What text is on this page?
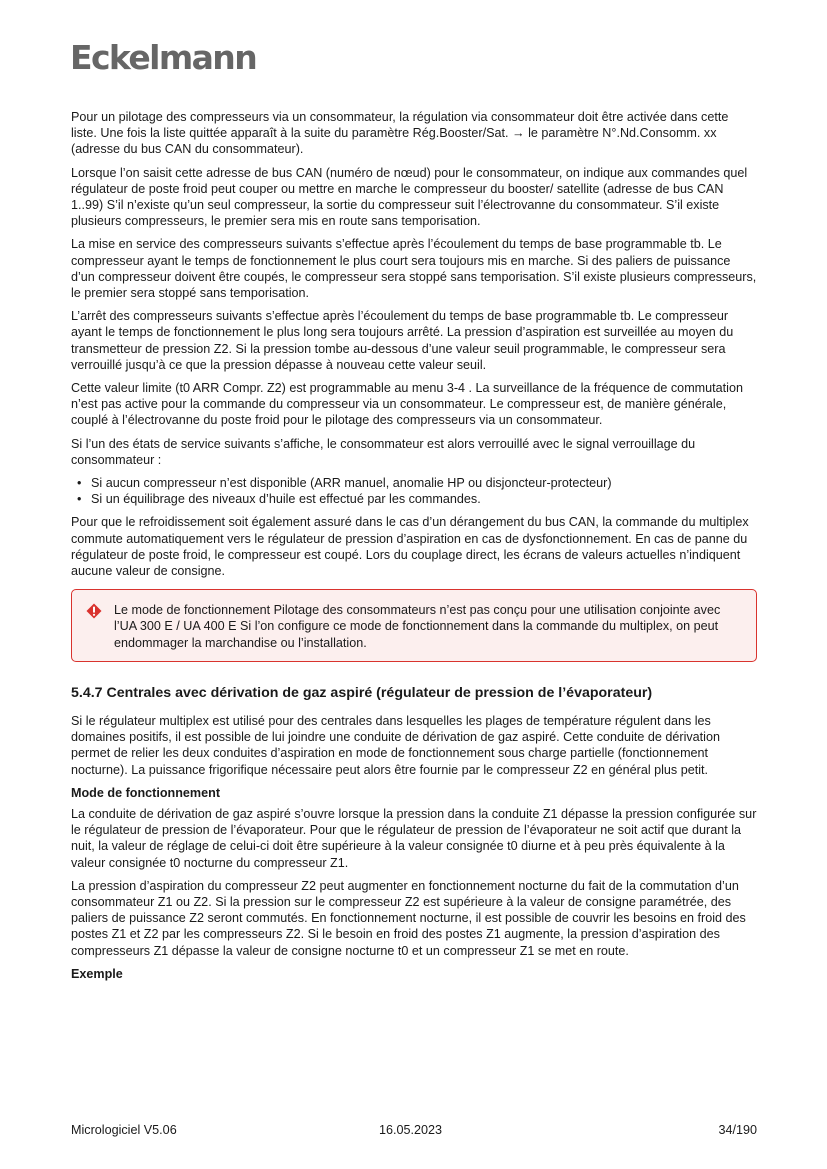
Eckelmann

Pour un pilotage des compresseurs via un consommateur, la régulation via consommateur doit être activée dans cette liste. Une fois la liste quittée apparaît à la suite du paramètre Rég.Booster/Sat. → le paramètre N°.Nd.Consomm. xx (adresse du bus CAN du consommateur).

Lorsque l’on saisit cette adresse de bus CAN (numéro de nœud) pour le consommateur, on indique aux commandes quel régulateur de poste froid peut couper ou mettre en marche le compresseur du booster/ satellite (adresse de bus CAN 1..99) S’il n’existe qu’un seul compresseur, la sortie du compresseur suit l’électrovanne du consommateur. S’il existe plusieurs compresseurs, le premier sera mis en route sans temporisation.

La mise en service des compresseurs suivants s’effectue après l’écoulement du temps de base programmable tb. Le compresseur ayant le temps de fonctionnement le plus court sera toujours mis en marche. Si des paliers de puissance d’un compresseur doivent être coupés, le compresseur sera stoppé sans temporisation. S’il existe plusieurs compresseurs, le premier sera stoppé sans temporisation.

L’arrêt des compresseurs suivants s’effectue après l’écoulement du temps de base programmable tb. Le compresseur ayant le temps de fonctionnement le plus long sera toujours arrêté. La pression d’aspiration est surveillée au moyen du transmetteur de pression Z2. Si la pression tombe au-dessous d’une valeur seuil programmable, le compresseur sera verrouillé jusqu’à ce que la pression dépasse à nouveau cette valeur seuil.

Cette valeur limite (t0 ARR Compr. Z2) est programmable au menu 3-4 . La surveillance de la fréquence de commutation n’est pas active pour la commande du compresseur via un consommateur. Le compresseur est, de manière générale, couplé à l’électrovanne du poste froid pour le pilotage des compresseurs via un consommateur.

Si l’un des états de service suivants s’affiche, le consommateur est alors verrouillé avec le signal verrouillage du consommateur :

• Si aucun compresseur n’est disponible (ARR manuel, anomalie HP ou disjoncteur-protecteur)
• Si un équilibrage des niveaux d’huile est effectué par les commandes.

Pour que le refroidissement soit également assuré dans le cas d’un dérangement du bus CAN, la commande du multiplex commute automatiquement vers le régulateur de pression d’aspiration en cas de dysfonctionnement. En cas de panne du régulateur de poste froid, le compresseur est coupé. Lors du couplage direct, les écrans de valeurs actuelles n’indiquent aucune valeur de consigne.

Le mode de fonctionnement Pilotage des consommateurs n’est pas conçu pour une utilisation conjointe avec l’UA 300 E / UA 400 E Si l’on configure ce mode de fonctionnement dans la commande du multiplex, on peut endommager la marchandise ou l’installation.
5.4.7 Centrales avec dérivation de gaz aspiré (régulateur de pression de l’évaporateur)

Si le régulateur multiplex est utilisé pour des centrales dans lesquelles les plages de température régulent dans les domaines positifs, il est possible de lui joindre une conduite de dérivation de gaz aspiré. Cette conduite de dérivation permet de relier les deux conduites d’aspiration en mode de fonctionnement sous charge partielle (fonctionnement nocturne). La puissance frigorifique nécessaire peut alors être fournie par le compresseur Z2 en général plus petit.

Mode de fonctionnement

La conduite de dérivation de gaz aspiré s’ouvre lorsque la pression dans la conduite Z1 dépasse la pression configurée sur le régulateur de pression de l’évaporateur. Pour que le régulateur de pression de l’évaporateur ne soit actif que durant la nuit, la valeur de réglage de celui-ci doit être supérieure à la valeur consignée t0 diurne et à peu près équivalente à la valeur consignée t0 nocturne du compresseur Z1.

La pression d’aspiration du compresseur Z2 peut augmenter en fonctionnement nocturne du fait de la commutation d’un consommateur Z1 ou Z2. Si la pression sur le compresseur Z2 est supérieure à la valeur de consigne paramétrée, des paliers de puissance Z2 seront commutés. En fonctionnement nocturne, il est possible de couvrir les besoins en froid des postes Z1 et Z2 par les compresseurs Z2. Si le besoin en froid des postes Z1 augmente, la pression d’aspiration des compresseurs Z1 dépasse la valeur de consigne nocturne t0 et un compresseur Z1 se met en route.

Exemple
Micrologiciel V5.06	16.05.2023	34/190
